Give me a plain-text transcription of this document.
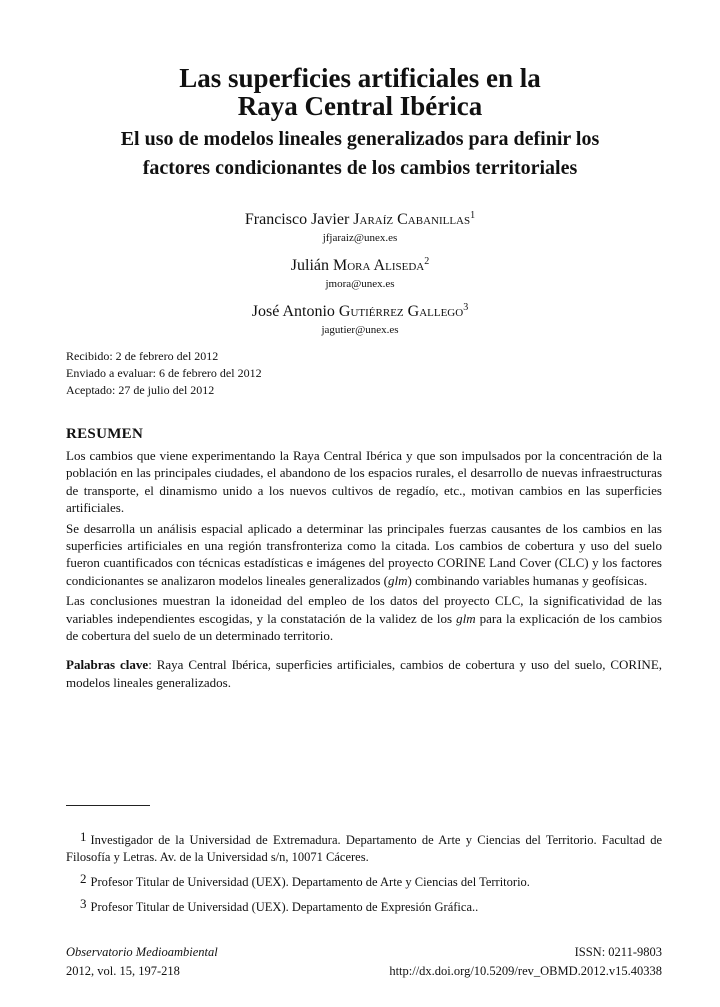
Las superficies artificiales en la
Raya Central Ibérica
El uso de modelos lineales generalizados para definir los
factores condicionantes de los cambios territoriales
Francisco Javier Jaraíz Cabanillas$^1$
jfjaraiz@unex.es
Julián Mora Aliseda$^2$
jmora@unex.es
José Antonio Gutiérrez Gallego$^3$
jagutier@unex.es
Recibido: 2 de febrero del 2012
Enviado a evaluar: 6 de febrero del 2012
Aceptado: 27 de julio del 2012
RESUMEN

Los cambios que viene experimentando la Raya Central Ibérica y que son impulsados por la concentración de la población en las principales ciudades, el abandono de los espacios rurales, el desarrollo de nuevas infraestructuras de transporte, el dinamismo unido a los nuevos cultivos de regadío, etc., motivan cambios en las superficies artificiales.

Se desarrolla un análisis espacial aplicado a determinar las principales fuerzas causantes de los cambios en las superficies artificiales en una región transfronteriza como la citada. Los cambios de cobertura y uso del suelo fueron cuantificados con técnicas estadísticas e imágenes del proyecto CORINE Land Cover (CLC) y los factores condicionantes se analizaron modelos lineales generalizados (glm) combinando variables humanas y geofísicas.

Las conclusiones muestran la idoneidad del empleo de los datos del proyecto CLC, la significatividad de las variables independientes escogidas, y la constatación de la validez de los glm para la explicación de los cambios de cobertura del suelo de un determinado territorio.

Palabras clave: Raya Central Ibérica, superficies artificiales, cambios de cobertura y uso del suelo, CORINE, modelos lineales generalizados.

1 Investigador de la Universidad de Extremadura. Departamento de Arte y Ciencias del Territorio. Facultad de Filosofía y Letras. Av. de la Universidad s/n, 10071 Cáceres.

2 Profesor Titular de Universidad (UEX). Departamento de Arte y Ciencias del Territorio.

3 Profesor Titular de Universidad (UEX). Departamento de Expresión Gráfica..

Observatorio Medioambiental	ISSN: 0211-9803
2012, vol. 15, 197-218	http://dx.doi.org/10.5209/rev_OBMD.2012.v15.40338
